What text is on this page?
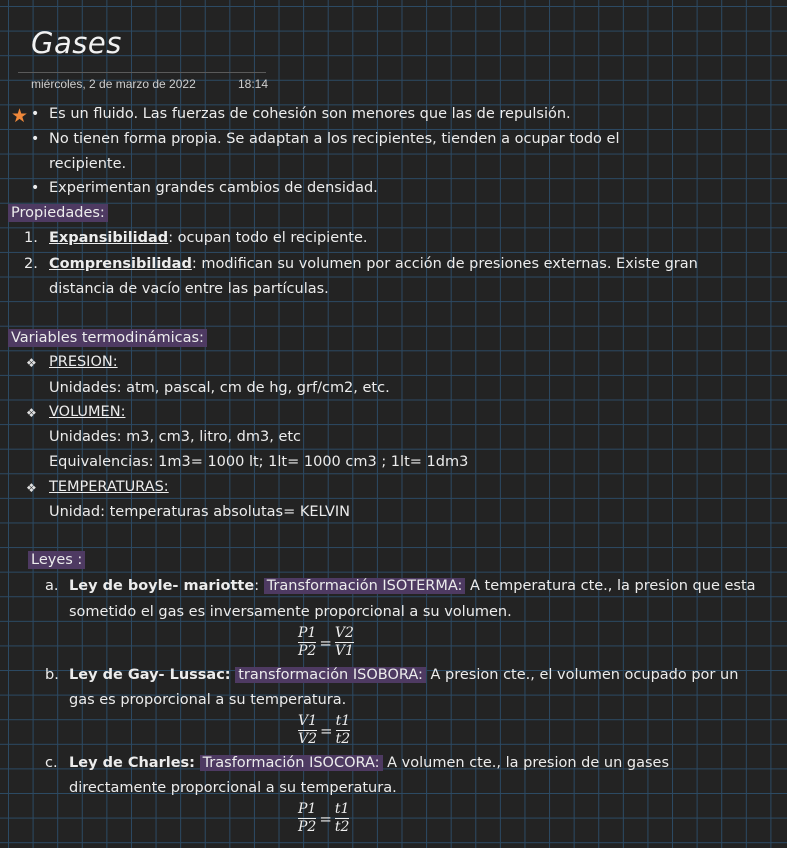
Gases
miércoles, 2 de marzo de 2022	18:14
★ • Es un fluido. Las fuerzas de cohesión son menores que las de repulsión.
• No tienen forma propia. Se adaptan a los recipientes, tienden a ocupar todo el
recipiente.
• Experimentan grandes cambios de densidad.
Propiedades:
1. Expansibilidad: ocupan todo el recipiente.
2. Comprensibilidad: modifican su volumen por acción de presiones externas. Existe gran
distancia de vacío entre las partículas.
Variables termodinámicas:
❖ PRESION:
Unidades: atm, pascal, cm de hg, grf/cm2, etc.
❖ VOLUMEN:
Unidades: m3, cm3, litro, dm3, etc
Equivalencias: 1m3= 1000 lt; 1lt= 1000 cm3 ; 1lt= 1dm3
❖ TEMPERATURAS:
Unidad: temperaturas absolutas= KELVIN
Leyes :
a. Ley de boyle- mariotte: Transformación ISOTERMA: A temperatura cte., la presion que esta
sometido el gas es inversamente proporcional a su volumen.
$\frac{P1}{P2} = \frac{V2}{V1}$
b. Ley de Gay- Lussac: transformación ISOBORA: A presion cte., el volumen ocupado por un
gas es proporcional a su temperatura.
$\frac{V1}{V2} = \frac{t1}{t2}$
c. Ley de Charles: Trasformación ISOCORA: A volumen cte., la presion de un gases
directamente proporcional a su temperatura.
$\frac{P1}{P2} = \frac{t1}{t2}$
